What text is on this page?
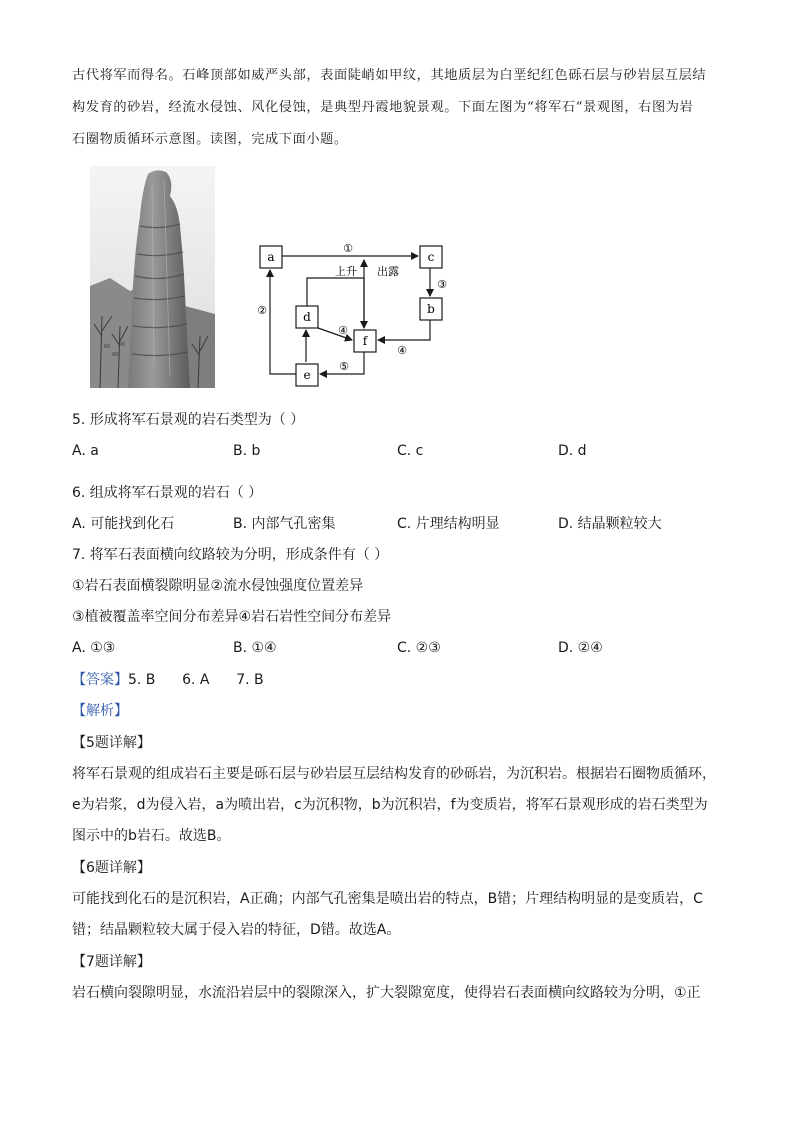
古代将军而得名。石峰顶部如威严头部，表面陡峭如甲纹，其地质层为白垩纪红色砾石层与砂岩层互层结
构发育的砂岩，经流水侵蚀、风化侵蚀，是典型丹霞地貌景观。下面左图为“将军石”景观图，右图为岩
石圈物质循环示意图。读图，完成下面小题。
a	c
b
d
f
e
①
③
②
④
④
⑤
上升 出露
5. 形成将军石景观的岩石类型为（ ）
A. a	B. b	C. c	D. d
6. 组成将军石景观的岩石（ ）
A. 可能找到化石	B. 内部气孔密集	C. 片理结构明显	D. 结晶颗粒较大
7. 将军石表面横向纹路较为分明，形成条件有（ ）
①岩石表面横裂隙明显②流水侵蚀强度位置差异
③植被覆盖率空间分布差异④岩石岩性空间分布差异
A. ①③	B. ①④	C. ②③	D. ②④
【答案】5. B      6. A      7. B
【解析】
【5题详解】
将军石景观的组成岩石主要是砾石层与砂岩层互层结构发育的砂砾岩，为沉积岩。根据岩石圈物质循环，
e为岩浆，d为侵入岩，a为喷出岩，c为沉积物，b为沉积岩，f为变质岩，将军石景观形成的岩石类型为
图示中的b岩石。故选B。
【6题详解】
可能找到化石的是沉积岩，A正确；内部气孔密集是喷出岩的特点，B错；片理结构明显的是变质岩，C
错；结晶颗粒较大属于侵入岩的特征，D错。故选A。
【7题详解】
岩石横向裂隙明显，水流沿岩层中的裂隙深入，扩大裂隙宽度，使得岩石表面横向纹路较为分明，①正
